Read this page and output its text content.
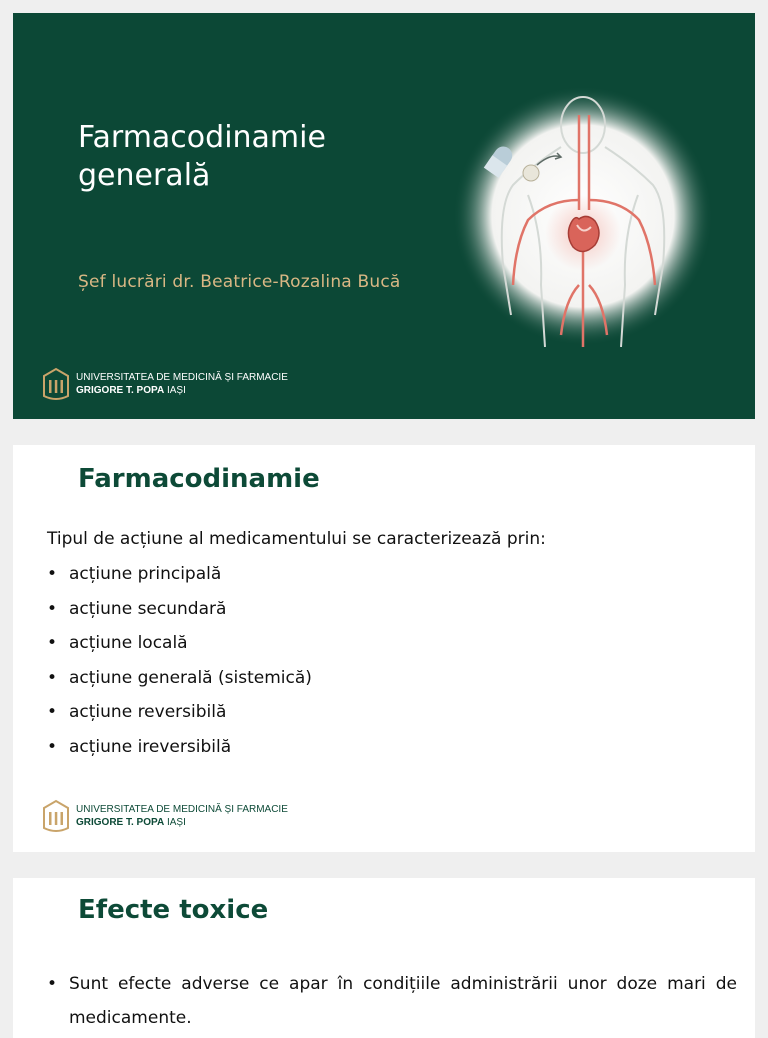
Farmacodinamie generală
Șef lucrări dr. Beatrice-Rozalina Bucă
UNIVERSITATEA DE MEDICINĂ ȘI FARMACIE
GRIGORE T. POPA IAȘI
Farmacodinamie
Tipul de acțiune al medicamentului se caracterizează prin:
• acțiune principală
• acțiune secundară
• acțiune locală
• acțiune generală (sistemică)
• acțiune reversibilă
• acțiune ireversibilă
UNIVERSITATEA DE MEDICINĂ ȘI FARMACIE
GRIGORE T. POPA IAȘI
Efecte toxice
• Sunt efecte adverse ce apar în condițiile administrării unor doze mari de medicamente.
